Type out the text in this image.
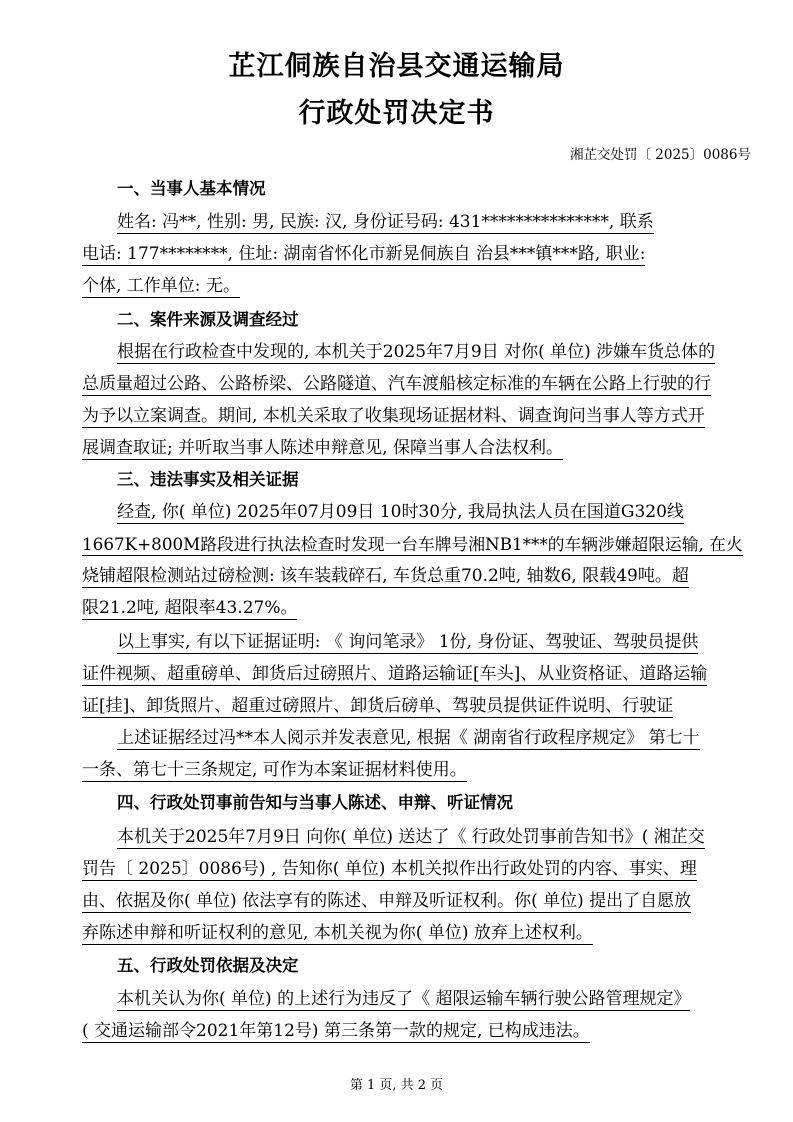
芷江侗族自治县交通运输局
行政处罚决定书
湘芷交处罚〔 2025〕0086号
一、当事人基本情况
姓名: 冯**, 性别: 男, 民族: 汉, 身份证号码: 431***************, 联系
电话: 177********, 住址: 湖南省怀化市新晃侗族自 治县***镇***路, 职业:
个体, 工作单位: 无。
二、案件来源及调查经过
根据在行政检查中发现的, 本机关于2025年7月9日 对你( 单位) 涉嫌车货总体的
总质量超过公路、公路桥梁、公路隧道、汽车渡船核定标准的车辆在公路上行驶的行
为予以立案调查。期间, 本机关采取了收集现场证据材料、调查询问当事人等方式开
展调查取证; 并听取当事人陈述申辩意见, 保障当事人合法权利。
三、违法事实及相关证据
经查, 你( 单位) 2025年07月09日 10时30分, 我局执法人员在国道G320线
1667K+800M路段进行执法检查时发现一台车牌号湘NB1***的车辆涉嫌超限运输, 在火
烧铺超限检测站过磅检测: 该车装载碎石, 车货总重70.2吨, 轴数6, 限载49吨。超
限21.2吨, 超限率43.27%。
以上事实, 有以下证据证明: 《 询问笔录》 1份, 身份证、驾驶证、驾驶员提供
证件视频、超重磅单、卸货后过磅照片、道路运输证[车头]、从业资格证、道路运输
证[挂]、卸货照片、超重过磅照片、卸货后磅单、驾驶员提供证件说明、行驶证
上述证据经过冯**本人阅示并发表意见, 根据《 湖南省行政程序规定》 第七十
一条、第七十三条规定, 可作为本案证据材料使用。
四、行政处罚事前告知与当事人陈述、申辩、听证情况
本机关于2025年7月9日 向你( 单位) 送达了《 行政处罚事前告知书》( 湘芷交
罚告〔 2025〕0086号) , 告知你( 单位) 本机关拟作出行政处罚的内容、事实、理
由、依据及你( 单位) 依法享有的陈述、申辩及听证权利。你( 单位) 提出了自愿放
弃陈述申辩和听证权利的意见, 本机关视为你( 单位) 放弃上述权利。
五、行政处罚依据及决定
本机关认为你( 单位) 的上述行为违反了《 超限运输车辆行驶公路管理规定》
( 交通运输部令2021年第12号) 第三条第一款的规定, 已构成违法。
第 1 页, 共 2 页
